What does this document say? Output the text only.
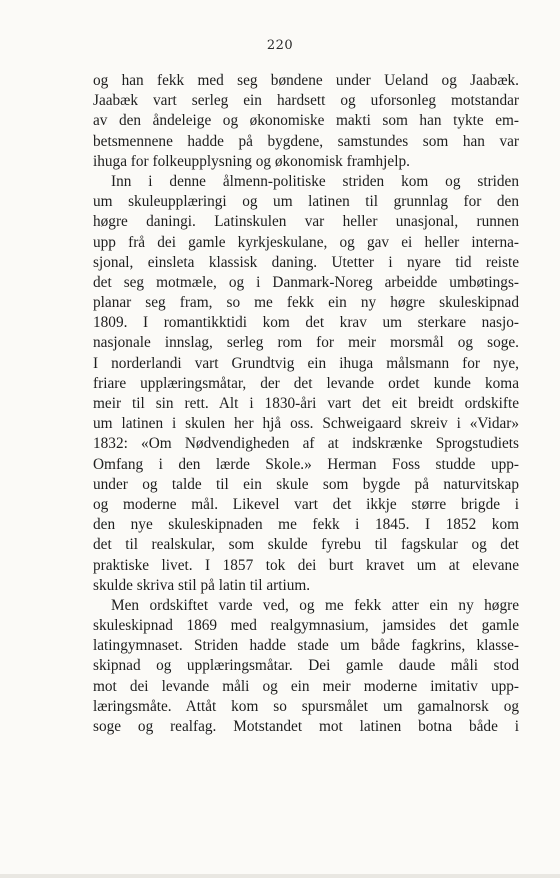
220
og han fekk med seg bøndene under Ueland og Jaabæk.
Jaabæk vart serleg ein hardsett og uforsonleg motstandar
av den åndeleige og økonomiske makti som han tykte em-
betsmennene hadde på bygdene, samstundes som han var
ihuga for folkeupplysning og økonomisk framhjelp.
Inn i denne ålmenn-politiske striden kom og striden
um skuleupplæringi og um latinen til grunnlag for den
høgre daningi. Latinskulen var heller unasjonal, runnen
upp frå dei gamle kyrkjeskulane, og gav ei heller interna-
sjonal, einsleta klassisk daning. Utetter i nyare tid reiste
det seg motmæle, og i Danmark-Noreg arbeidde umbøtings-
planar seg fram, so me fekk ein ny høgre skuleskipnad
1809. I romantikktidi kom det krav um sterkare nasjo-
nasjonale innslag, serleg rom for meir morsmål og soge.
I norderlandi vart Grundtvig ein ihuga målsmann for nye,
friare upplæringsmåtar, der det levande ordet kunde koma
meir til sin rett. Alt i 1830-åri vart det eit breidt ordskifte
um latinen i skulen her hjå oss. Schweigaard skreiv i «Vidar»
1832: «Om Nødvendigheden af at indskrænke Sprogstudiets
Omfang i den lærde Skole.» Herman Foss studde upp-
under og talde til ein skule som bygde på naturvitskap
og moderne mål. Likevel vart det ikkje større brigde i
den nye skuleskipnaden me fekk i 1845. I 1852 kom
det til realskular, som skulde fyrebu til fagskular og det
praktiske livet. I 1857 tok dei burt kravet um at elevane
skulde skriva stil på latin til artium.
Men ordskiftet varde ved, og me fekk atter ein ny høgre
skuleskipnad 1869 med realgymnasium, jamsides det gamle
latingymnaset. Striden hadde stade um både fagkrins, klasse-
skipnad og upplæringsmåtar. Dei gamle daude måli stod
mot dei levande måli og ein meir moderne imitativ upp-
læringsmåte. Attåt kom so spursmålet um gamalnorsk og
soge og realfag. Motstandet mot latinen botna både i
